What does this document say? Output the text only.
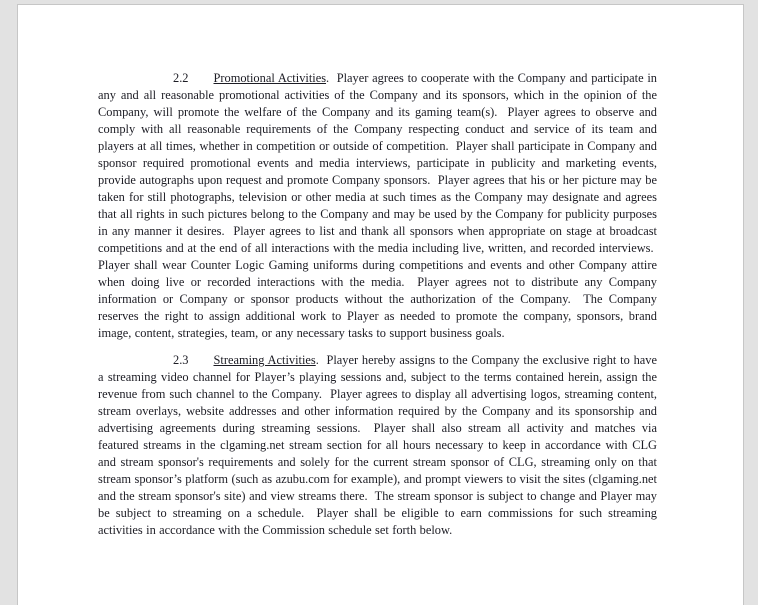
2.2 Promotional Activities.  Player agrees to cooperate with the Company and participate in any and all reasonable promotional activities of the Company and its sponsors, which in the opinion of the Company, will promote the welfare of the Company and its gaming team(s).  Player agrees to observe and comply with all reasonable requirements of the Company respecting conduct and service of its team and players at all times, whether in competition or outside of competition.  Player shall participate in Company and sponsor required promotional events and media interviews, participate in publicity and marketing events, provide autographs upon request and promote Company sponsors.  Player agrees that his or her picture may be taken for still photographs, television or other media at such times as the Company may designate and agrees that all rights in such pictures belong to the Company and may be used by the Company for publicity purposes in any manner it desires.  Player agrees to list and thank all sponsors when appropriate on stage at broadcast competitions and at the end of all interactions with the media including live, written, and recorded interviews.  Player shall wear Counter Logic Gaming uniforms during competitions and events and other Company attire when doing live or recorded interactions with the media.  Player agrees not to distribute any Company information or Company or sponsor products without the authorization of the Company.  The Company reserves the right to assign additional work to Player as needed to promote the company, sponsors, brand image, content, strategies, team, or any necessary tasks to support business goals.

2.3 Streaming Activities.  Player hereby assigns to the Company the exclusive right to have a streaming video channel for Player’s playing sessions and, subject to the terms contained herein, assign the revenue from such channel to the Company.  Player agrees to display all advertising logos, streaming content, stream overlays, website addresses and other information required by the Company and its sponsorship and advertising agreements during streaming sessions.  Player shall also stream all activity and matches via featured streams in the clgaming.net stream section for all hours necessary to keep in accordance with CLG and stream sponsor's requirements and solely for the current stream sponsor of CLG, streaming only on that stream sponsor’s platform (such as azubu.com for example), and prompt viewers to visit the sites (clgaming.net and the stream sponsor's site) and view streams there.  The stream sponsor is subject to change and Player may be subject to streaming on a schedule.  Player shall be eligible to earn commissions for such streaming activities in accordance with the Commission schedule set forth below.
